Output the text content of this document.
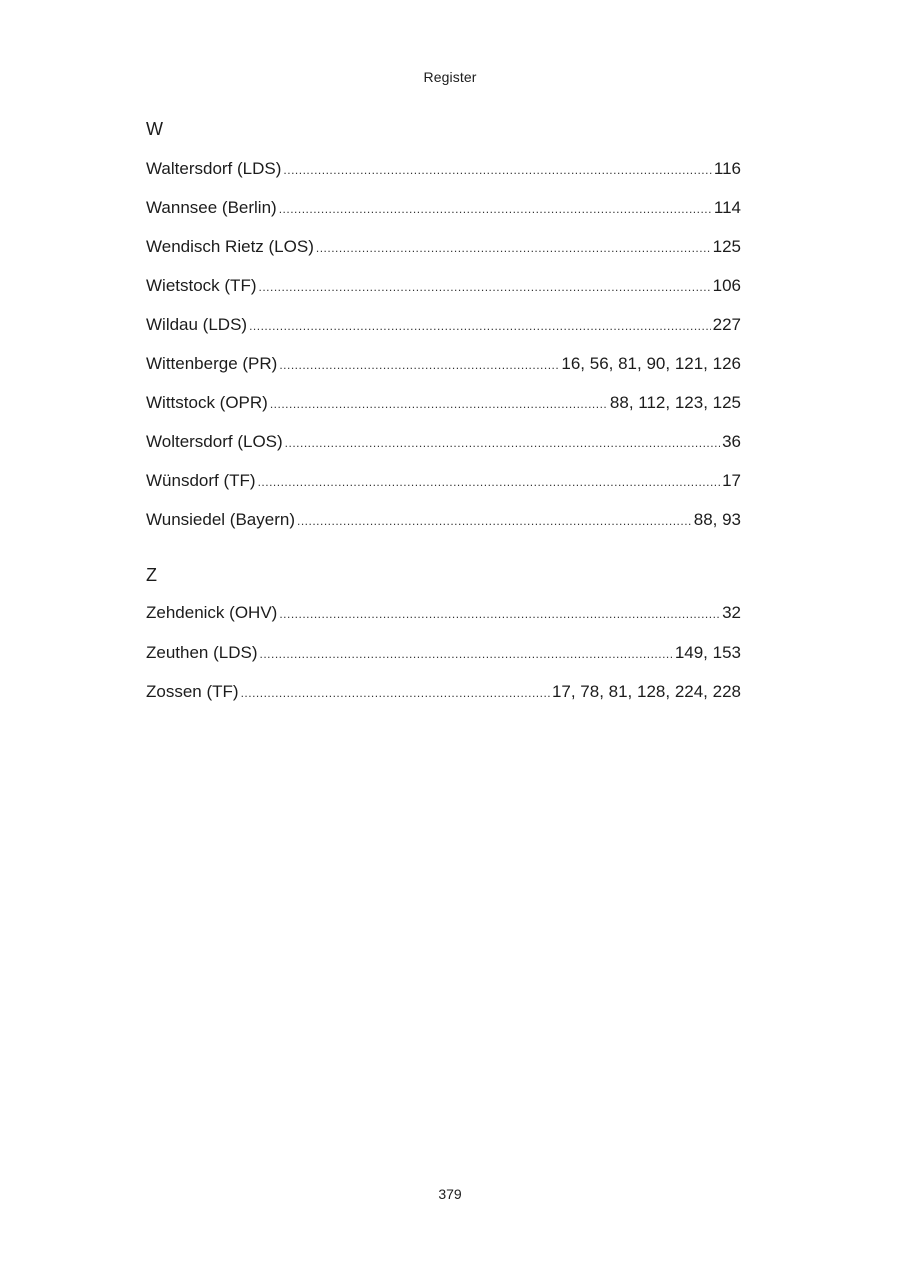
Register
W
Waltersdorf (LDS) .....	116
Wannsee (Berlin) .....	114
Wendisch Rietz (LOS) .....	125
Wietstock (TF) .....	106
Wildau (LDS) .....	227
Wittenberge (PR) .....	16, 56, 81, 90, 121, 126
Wittstock (OPR) .....	88, 112, 123, 125
Woltersdorf (LOS) .....	36
Wünsdorf (TF) .....	17
Wunsiedel (Bayern) .....	88, 93
Z
Zehdenick (OHV) .....	32
Zeuthen (LDS) .....	149, 153
Zossen (TF) .....	17, 78, 81, 128, 224, 228
379
